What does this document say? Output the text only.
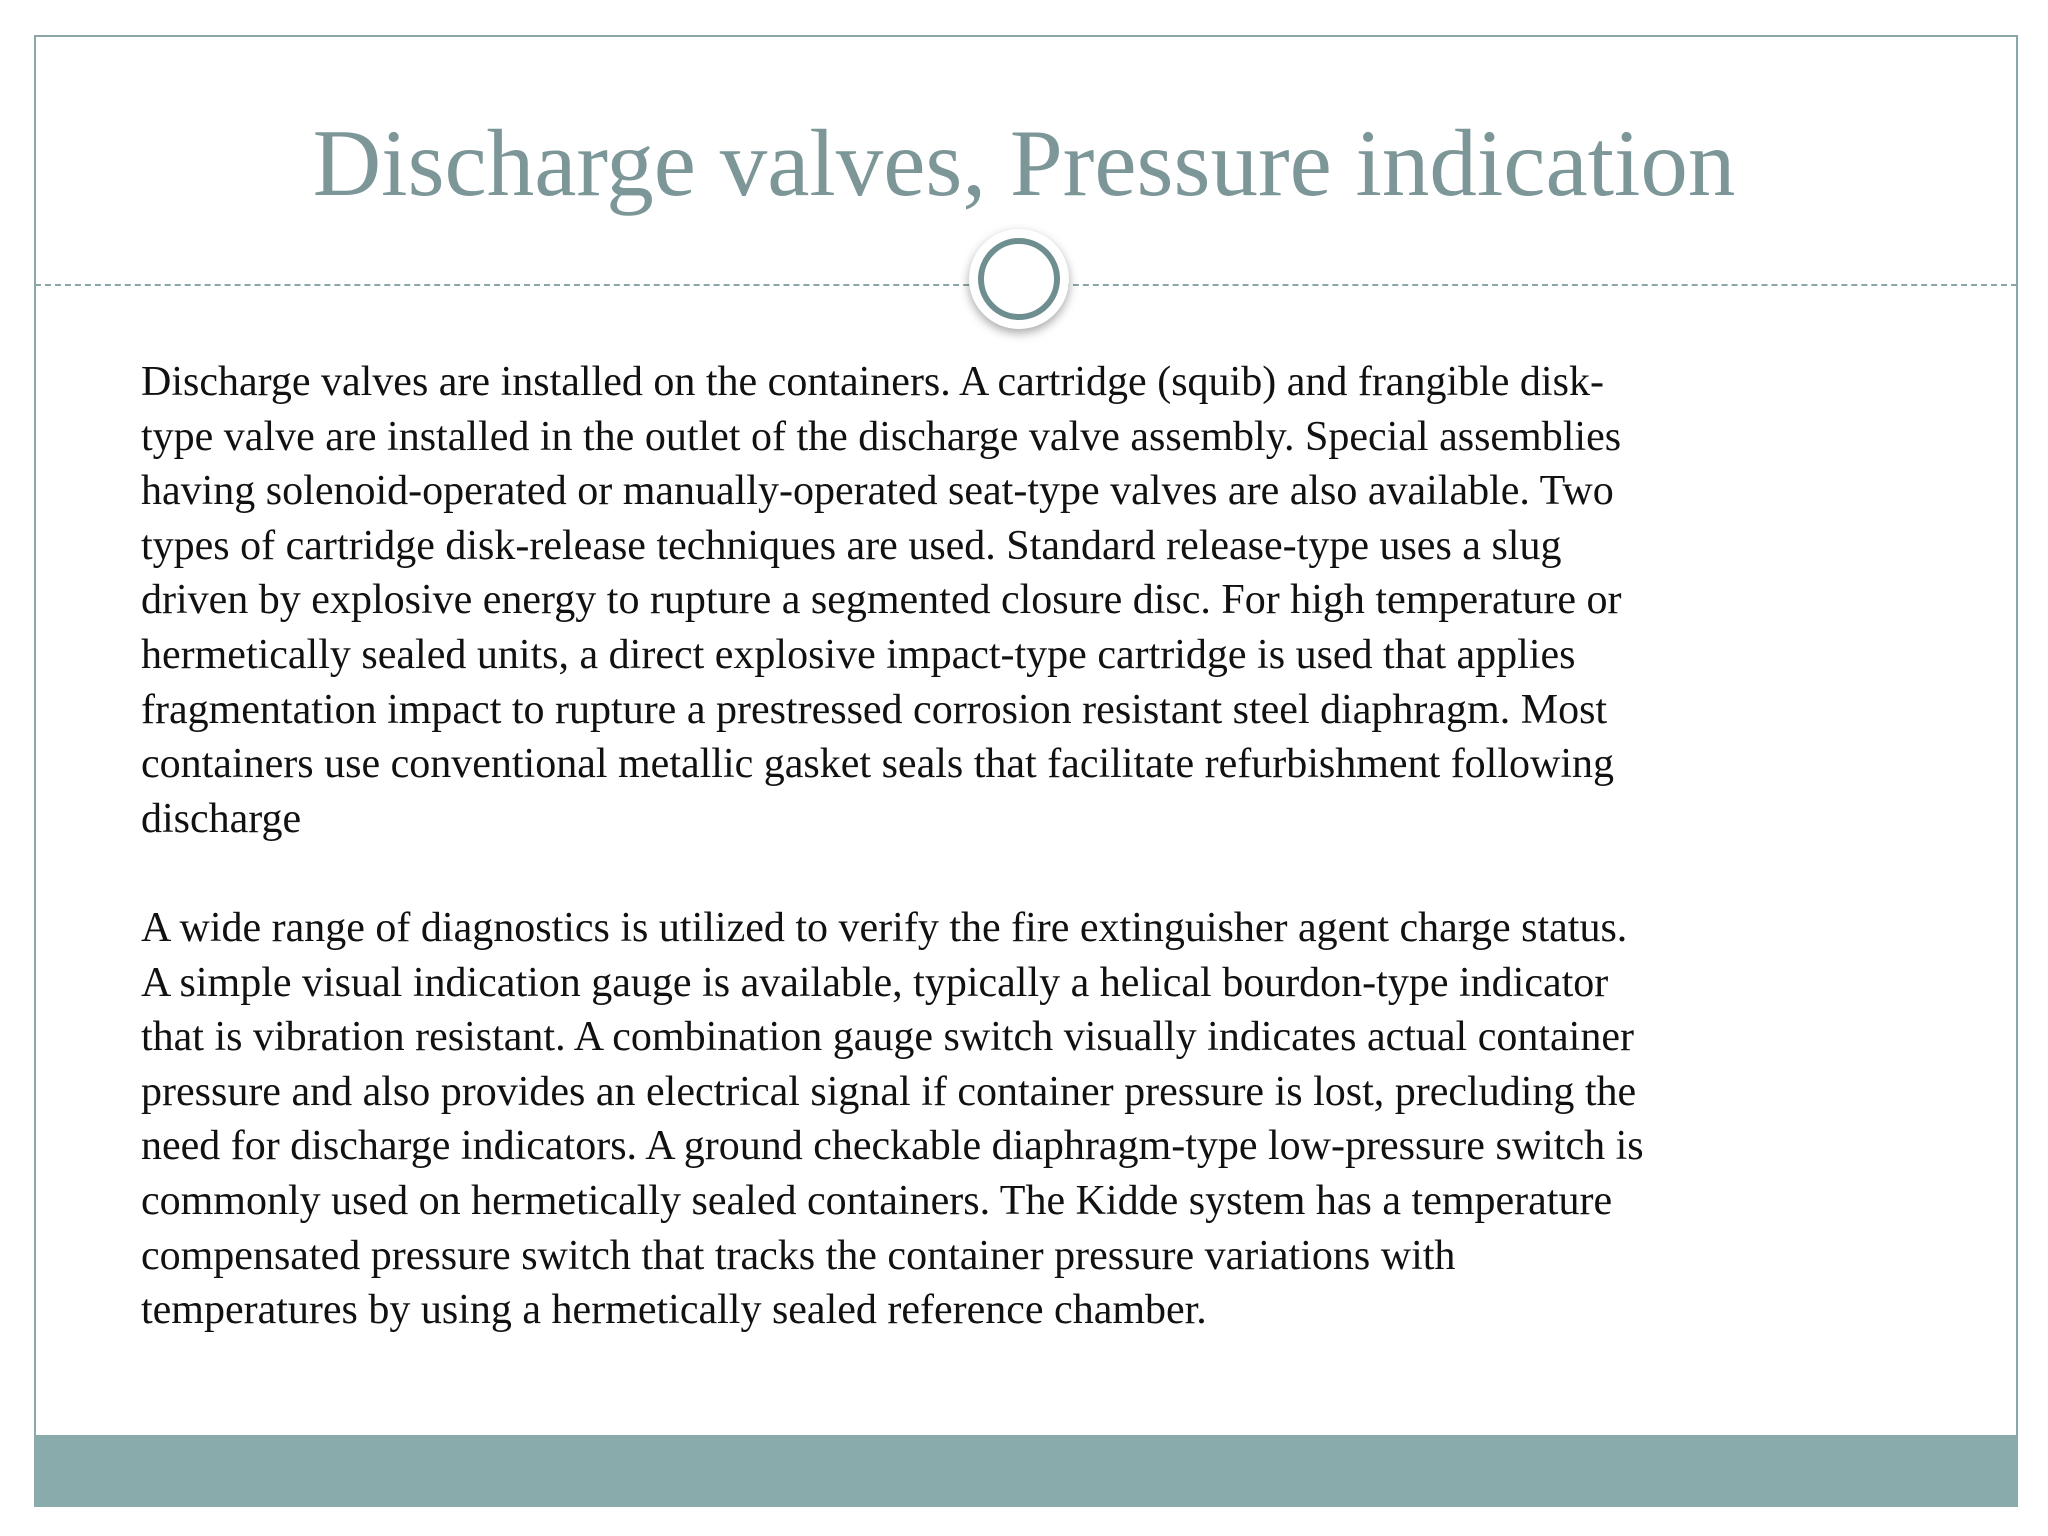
Discharge valves, Pressure indication

Discharge valves are installed on the containers. A cartridge (squib) and frangible disk-
type valve are installed in the outlet of the discharge valve assembly. Special assemblies
having solenoid-operated or manually-operated seat-type valves are also available. Two
types of cartridge disk-release techniques are used. Standard release-type uses a slug
driven by explosive energy to rupture a segmented closure disc. For high temperature or
hermetically sealed units, a direct explosive impact-type cartridge is used that applies
fragmentation impact to rupture a prestressed corrosion resistant steel diaphragm. Most
containers use conventional metallic gasket seals that facilitate refurbishment following
discharge

A wide range of diagnostics is utilized to verify the fire extinguisher agent charge status.
A simple visual indication gauge is available, typically a helical bourdon-type indicator
that is vibration resistant. A combination gauge switch visually indicates actual container
pressure and also provides an electrical signal if container pressure is lost, precluding the
need for discharge indicators. A ground checkable diaphragm-type low-pressure switch is
commonly used on hermetically sealed containers. The Kidde system has a temperature
compensated pressure switch that tracks the container pressure variations with
temperatures by using a hermetically sealed reference chamber.
